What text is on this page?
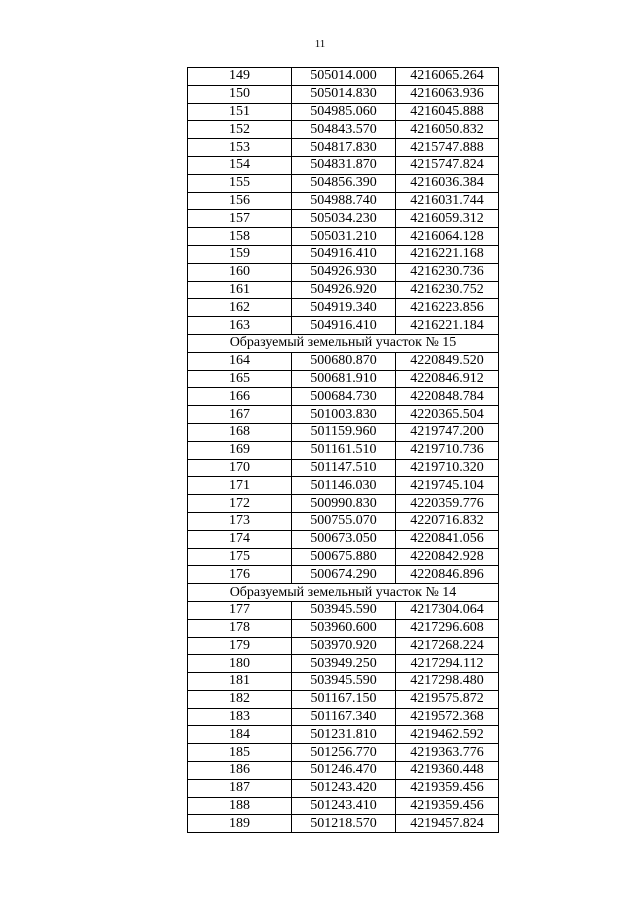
11
149	505014.000	4216065.264
150	505014.830	4216063.936
151	504985.060	4216045.888
152	504843.570	4216050.832
153	504817.830	4215747.888
154	504831.870	4215747.824
155	504856.390	4216036.384
156	504988.740	4216031.744
157	505034.230	4216059.312
158	505031.210	4216064.128
159	504916.410	4216221.168
160	504926.930	4216230.736
161	504926.920	4216230.752
162	504919.340	4216223.856
163	504916.410	4216221.184
Образуемый земельный участок № 15		
164	500680.870	4220849.520
165	500681.910	4220846.912
166	500684.730	4220848.784
167	501003.830	4220365.504
168	501159.960	4219747.200
169	501161.510	4219710.736
170	501147.510	4219710.320
171	501146.030	4219745.104
172	500990.830	4220359.776
173	500755.070	4220716.832
174	500673.050	4220841.056
175	500675.880	4220842.928
176	500674.290	4220846.896
Образуемый земельный участок № 14		
177	503945.590	4217304.064
178	503960.600	4217296.608
179	503970.920	4217268.224
180	503949.250	4217294.112
181	503945.590	4217298.480
182	501167.150	4219575.872
183	501167.340	4219572.368
184	501231.810	4219462.592
185	501256.770	4219363.776
186	501246.470	4219360.448
187	501243.420	4219359.456
188	501243.410	4219359.456
189	501218.570	4219457.824
